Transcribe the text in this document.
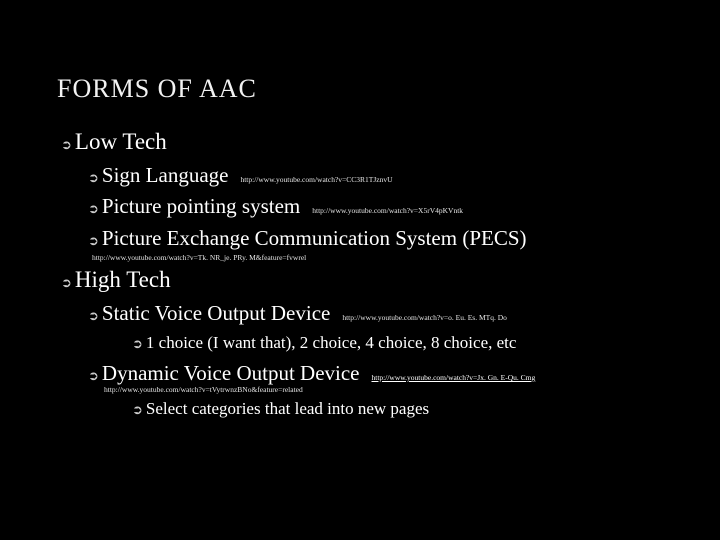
FORMS OF AAC
➲ Low Tech
➲ Sign Language http://www.youtube.com/watch?v=CC3R1TJznvU
➲ Picture pointing system http://www.youtube.com/watch?v=X5rV4pKVntk
➲ Picture Exchange Communication System (PECS)
http://www.youtube.com/watch?v=Tk. NR_je. PRy. M&feature=fvwrel
➲ High Tech
➲ Static Voice Output Device http://www.youtube.com/watch?v=o. Eu. Es. MTq. Do
➲ 1 choice (I want that), 2 choice, 4 choice, 8 choice, etc
➲ Dynamic Voice Output Device http://www.youtube.com/watch?v=Jx. Gn. E-Qu. Cmg
http://www.youtube.com/watch?v=tVytrwnzBNo&feature=related
➲ Select categories that lead into new pages
